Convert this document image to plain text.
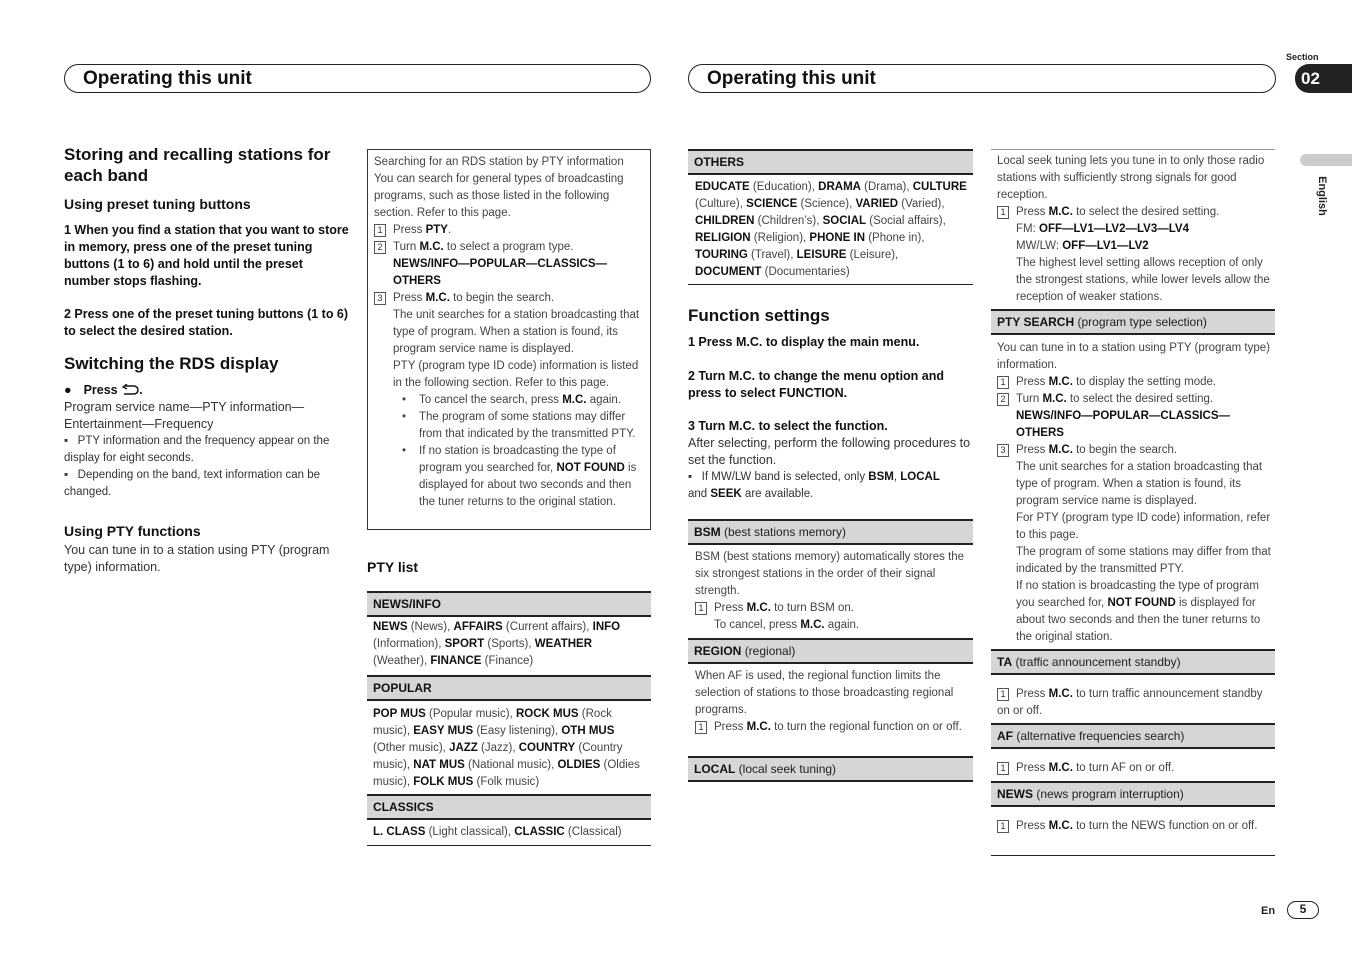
Operating this unit	Operating this unit
Section
02
English
Storing and recalling stations for each band
Using preset tuning buttons
1 When you find a station that you want to store in memory, press one of the preset tuning buttons (1 to 6) and hold until the preset number stops flashing.
2 Press one of the preset tuning buttons (1 to 6) to select the desired station.
Switching the RDS display
● Press .
Program service name—PTY information—Entertainment—Frequency
▪   PTY information and the frequency appear on the display for eight seconds.
▪   Depending on the band, text information can be changed.
Using PTY functions
You can tune in to a station using PTY (program type) information.
Searching for an RDS station by PTY information
You can search for general types of broadcasting programs, such as those listed in the following section. Refer to this page.
1 Press PTY.
2 Turn M.C. to select a program type.
NEWS/INFO—POPULAR—CLASSICS—OTHERS
3 Press M.C. to begin the search.
The unit searches for a station broadcasting that type of program. When a station is found, its program service name is displayed.
PTY (program type ID code) information is listed in the following section. Refer to this page.
• To cancel the search, press M.C. again.
• The program of some stations may differ from that indicated by the transmitted PTY.
• If no station is broadcasting the type of program you searched for, NOT FOUND is displayed for about two seconds and then the tuner returns to the original station.
PTY list
NEWS/INFO
NEWS (News), AFFAIRS (Current affairs), INFO (Information), SPORT (Sports), WEATHER (Weather), FINANCE (Finance)
POPULAR
POP MUS (Popular music), ROCK MUS (Rock music), EASY MUS (Easy listening), OTH MUS (Other music), JAZZ (Jazz), COUNTRY (Country music), NAT MUS (National music), OLDIES (Oldies music), FOLK MUS (Folk music)
CLASSICS
L. CLASS (Light classical), CLASSIC (Classical)
OTHERS
EDUCATE (Education), DRAMA (Drama), CULTURE (Culture), SCIENCE (Science), VARIED (Varied), CHILDREN (Children’s), SOCIAL (Social affairs), RELIGION (Religion), PHONE IN (Phone in), TOURING (Travel), LEISURE (Leisure), DOCUMENT (Documentaries)
Function settings
1 Press M.C. to display the main menu.
2 Turn M.C. to change the menu option and press to select FUNCTION.
3 Turn M.C. to select the function.
After selecting, perform the following procedures to set the function.
▪   If MW/LW band is selected, only BSM, LOCAL
and SEEK are available.
BSM (best stations memory)
BSM (best stations memory) automatically stores the six strongest stations in the order of their signal strength.
1 Press M.C. to turn BSM on.
To cancel, press M.C. again.
REGION (regional)
When AF is used, the regional function limits the selection of stations to those broadcasting regional programs.
1 Press M.C. to turn the regional function on or off.
LOCAL (local seek tuning)
Local seek tuning lets you tune in to only those radio stations with sufficiently strong signals for good reception.
1 Press M.C. to select the desired setting.
FM: OFF—LV1—LV2—LV3—LV4
MW/LW: OFF—LV1—LV2
The highest level setting allows reception of only the strongest stations, while lower levels allow the reception of weaker stations.
PTY SEARCH (program type selection)
You can tune in to a station using PTY (program type) information.
1 Press M.C. to display the setting mode.
2 Turn M.C. to select the desired setting.
NEWS/INFO—POPULAR—CLASSICS—OTHERS
3 Press M.C. to begin the search.
The unit searches for a station broadcasting that type of program. When a station is found, its program service name is displayed.
For PTY (program type ID code) information, refer to this page.
The program of some stations may differ from that indicated by the transmitted PTY.
If no station is broadcasting the type of program you searched for, NOT FOUND is displayed for about two seconds and then the tuner returns to the original station.
TA (traffic announcement standby)
1 Press M.C. to turn traffic announcement standby on or off.
AF (alternative frequencies search)
1 Press M.C. to turn AF on or off.
NEWS (news program interruption)
1 Press M.C. to turn the NEWS function on or off.
En	5
